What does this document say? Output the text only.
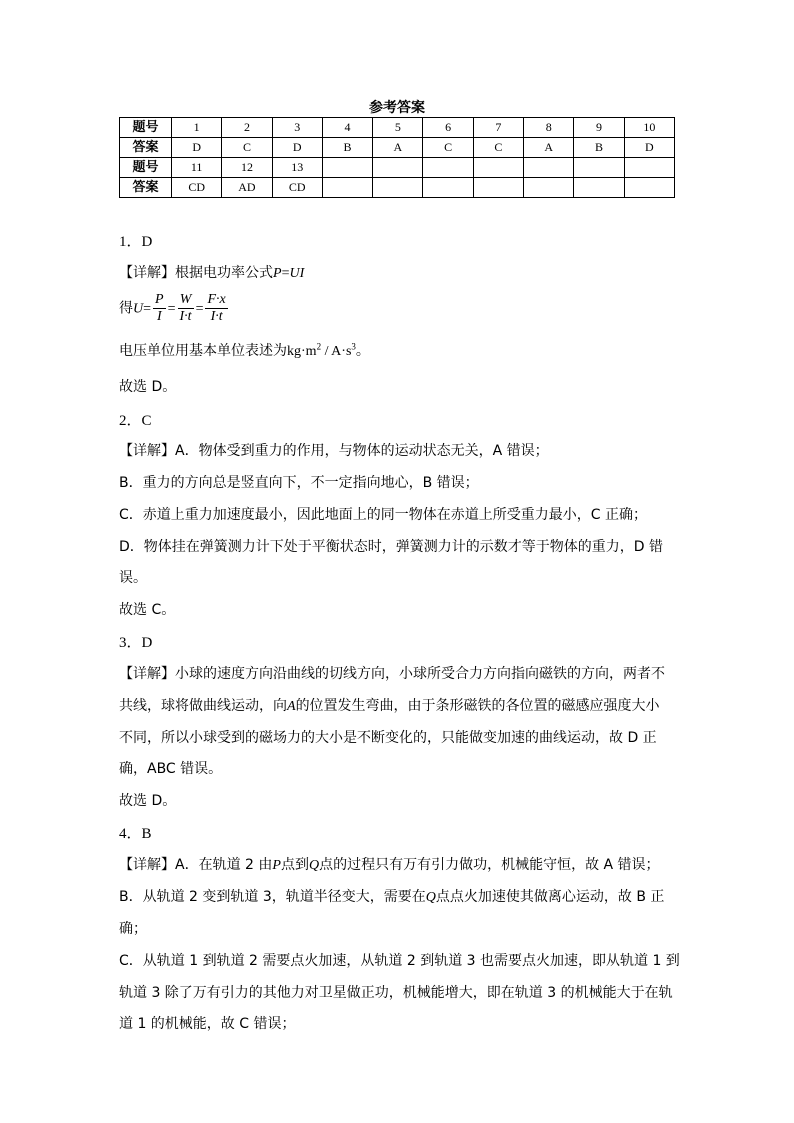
参考答案
题号	1	2	3	4	5	6	7	8	9	10
答案	D	C	D	B	A	C	C	A	B	D
题号	11	12	13							
答案	CD	AD	CD							
1．D
【详解】根据电功率公式P=UI
得$U= \frac{P}{I} = \frac{W}{I\cdot t} = \frac{F\cdot x}{I\cdot t}$
电压单位用基本单位表述为$kg\cdot m^2 / A\cdot s^3$。
故选 D。
2．C
【详解】A．物体受到重力的作用，与物体的运动状态无关，A 错误；
B．重力的方向总是竖直向下，不一定指向地心，B 错误；
C．赤道上重力加速度最小，因此地面上的同一物体在赤道上所受重力最小，C 正确；
D．物体挂在弹簧测力计下处于平衡状态时，弹簧测力计的示数才等于物体的重力，D 错
误。
故选 C。
3．D
【详解】小球的速度方向沿曲线的切线方向，小球所受合力方向指向磁铁的方向，两者不
共线，球将做曲线运动，向A的位置发生弯曲，由于条形磁铁的各位置的磁感应强度大小
不同，所以小球受到的磁场力的大小是不断变化的，只能做变加速的曲线运动，故 D 正
确，ABC 错误。
故选 D。
4．B
【详解】A．在轨道 2 由P点到Q点的过程只有万有引力做功，机械能守恒，故 A 错误；
B．从轨道 2 变到轨道 3，轨道半径变大，需要在Q点点火加速使其做离心运动，故 B 正
确；
C．从轨道 1 到轨道 2 需要点火加速，从轨道 2 到轨道 3 也需要点火加速，即从轨道 1 到
轨道 3 除了万有引力的其他力对卫星做正功，机械能增大，即在轨道 3 的机械能大于在轨
道 1 的机械能，故 C 错误；
